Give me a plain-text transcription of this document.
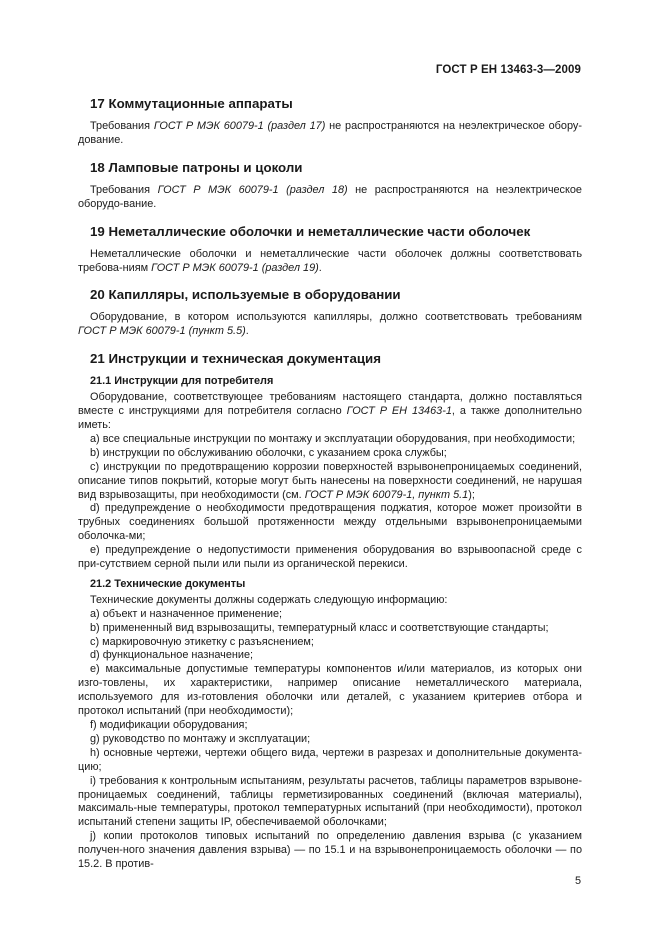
ГОСТ Р ЕН 13463-3—2009
17 Коммутационные аппараты

Требования ГОСТ Р МЭК 60079-1 (раздел 17) не распространяются на неэлектрическое обору-дование.

18 Ламповые патроны и цоколи

Требования ГОСТ Р МЭК 60079-1 (раздел 18) не распространяются на неэлектрическое оборудо-вание.

19 Неметаллические оболочки и неметаллические части оболочек

Неметаллические оболочки и неметаллические части оболочек должны соответствовать требова-ниям ГОСТ Р МЭК 60079-1 (раздел 19).

20 Капилляры, используемые в оборудовании

Оборудование, в котором используются капилляры, должно соответствовать требованиям ГОСТ Р МЭК 60079-1 (пункт 5.5).

21 Инструкции и техническая документация
21.1 Инструкции для потребителя

Оборудование, соответствующее требованиям настоящего стандарта, должно поставляться вместе с инструкциями для потребителя согласно ГОСТ Р ЕН 13463-1, а также дополнительно иметь:

a) все специальные инструкции по монтажу и эксплуатации оборудования, при необходимости;

b) инструкции по обслуживанию оболочки, с указанием срока службы;

c) инструкции по предотвращению коррозии поверхностей взрывонепроницаемых соединений, описание типов покрытий, которые могут быть нанесены на поверхности соединений, не нарушая вид взрывозащиты, при необходимости (см. ГОСТ Р МЭК 60079-1, пункт 5.1);

d) предупреждение о необходимости предотвращения поджатия, которое может произойти в трубных соединениях большой протяженности между отдельными взрывонепроницаемыми оболочка-ми;

e) предупреждение о недопустимости применения оборудования во взрывоопасной среде с при-сутствием серной пыли или пыли из органической перекиси.

21.2 Технические документы

Технические документы должны содержать следующую информацию:

a) объект и назначенное применение;

b) примененный вид взрывозащиты, температурный класс и соответствующие стандарты;

c) маркировочную этикетку с разъяснением;

d) функциональное назначение;

e) максимальные допустимые температуры компонентов и/или материалов, из которых они изго-товлены, их характеристики, например описание неметаллического материала, используемого для из-готовления оболочки или деталей, с указанием критериев отбора и протокол испытаний (при необходимости);

f) модификации оборудования;

g) руководство по монтажу и эксплуатации;

h) основные чертежи, чертежи общего вида, чертежи в разрезах и дополнительные документа-цию;

i) требования к контрольным испытаниям, результаты расчетов, таблицы параметров взрывоне-проницаемых соединений, таблицы герметизированных соединений (включая материалы), максималь-ные температуры, протокол температурных испытаний (при необходимости), протокол испытаний степени защиты IP, обеспечиваемой оболочками;

j) копии протоколов типовых испытаний по определению давления взрыва (с указанием получен-ного значения давления взрыва) — по 15.1 и на взрывонепроницаемость оболочки — по 15.2. В против-

5
